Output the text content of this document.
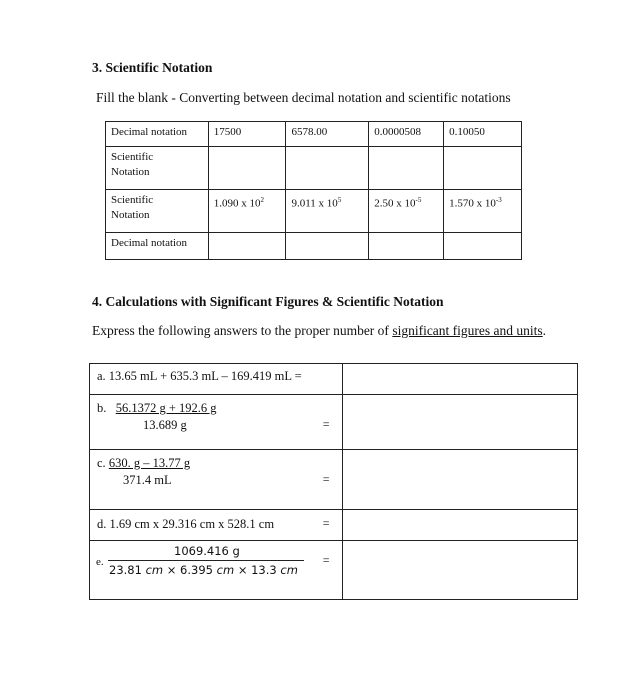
3. Scientific Notation
Fill the blank - Converting between decimal notation and scientific notations
Decimal notation	17500	6578.00	0.0000508	0.10050

Scientific
Notation				

Scientific
Notation	1.090 x $10^2$	9.011 x $10^5$	2.50 x $10^{-5}$	1.570 x $10^{-3}$
Decimal notation				
4. Calculations with Significant Figures & Scientific Notation
Express the following answers to the proper number of significant figures and units.
a. 13.65 mL + 635.3 mL – 169.419 mL =	

b. 56.1372 g + 192.6 g
13.689 g =	

c. 630. g – 13.77 g
371.4 mL =	

d. 1.69 cm x 29.316 cm x 528.1 cm =	

e.
1069.416 g
23.81 cm × 6.395 cm × 13.3 cm
=	
